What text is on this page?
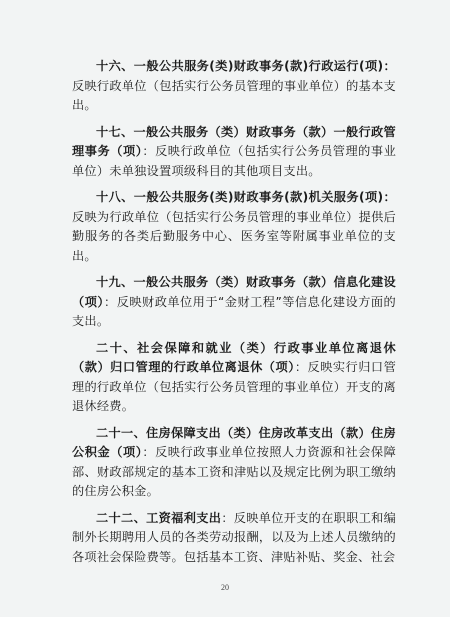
十六、一般公共服务(类)财政事务(款)行政运行(项)：反映行政单位（包括实行公务员管理的事业单位）的基本支出。

十七、一般公共服务（类）财政事务（款）一般行政管理事务（项）：反映行政单位（包括实行公务员管理的事业单位）未单独设置项级科目的其他项目支出。

十八、一般公共服务(类)财政事务(款)机关服务(项)：反映为行政单位（包括实行公务员管理的事业单位）提供后勤服务的各类后勤服务中心、医务室等附属事业单位的支出。

十九、一般公共服务（类）财政事务（款）信息化建设（项）：反映财政单位用于“金财工程”等信息化建设方面的支出。

二十、社会保障和就业（类）行政事业单位离退休（款）归口管理的行政单位离退休（项）：反映实行归口管理的行政单位（包括实行公务员管理的事业单位）开支的离退休经费。

二十一、住房保障支出（类）住房改革支出（款）住房公积金（项）：反映行政事业单位按照人力资源和社会保障部、财政部规定的基本工资和津贴以及规定比例为职工缴纳的住房公积金。

二十二、工资福利支出：反映单位开支的在职职工和编制外长期聘用人员的各类劳动报酬，以及为上述人员缴纳的各项社会保险费等。包括基本工资、津贴补贴、奖金、社会

20
